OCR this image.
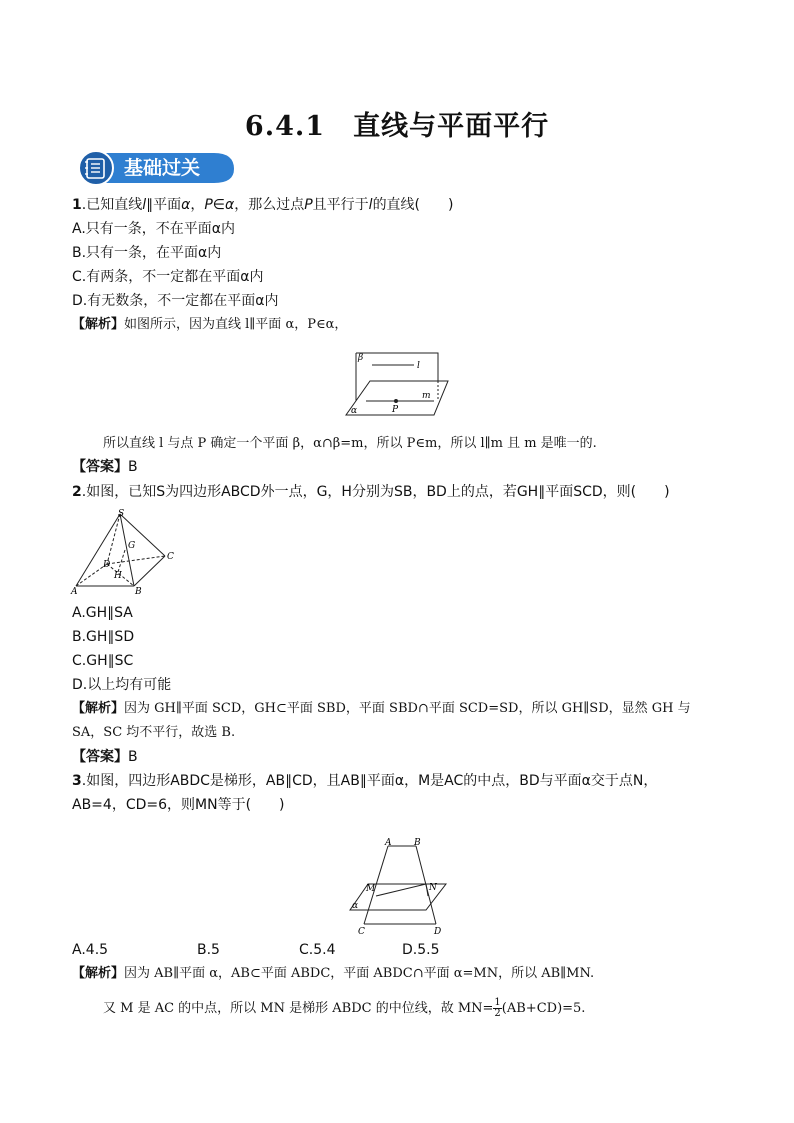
6.4.1　直线与平面平行
基础过关
1.已知直线l∥平面α，P∈α，那么过点P且平行于l的直线(　　)
A.只有一条，不在平面α内
B.只有一条，在平面α内
C.有两条，不一定都在平面α内
D.有无数条，不一定都在平面α内
【解析】如图所示，因为直线 l∥平面 α，P∈α，
β
l
m
P
α
所以直线 l 与点 P 确定一个平面 β，α∩β=m，所以 P∈m，所以 l∥m 且 m 是唯一的.
【答案】B
2.如图，已知S为四边形ABCD外一点，G，H分别为SB，BD上的点，若GH∥平面SCD，则(　　)
S
G
C
D
H
A	B
A.GH∥SA
B.GH∥SD
C.GH∥SC
D.以上均有可能
【解析】因为 GH∥平面 SCD，GH⊂平面 SBD，平面 SBD∩平面 SCD=SD，所以 GH∥SD，显然 GH 与
SA，SC 均不平行，故选 B.
【答案】B
3.如图，四边形ABDC是梯形，AB∥CD，且AB∥平面α，M是AC的中点，BD与平面α交于点N，
AB=4，CD=6，则MN等于(　　)
A	B
M	N
α
C	D
A.4.5	B.5	C.5.4	D.5.5
【解析】因为 AB∥平面 α，AB⊂平面 ABDC，平面 ABDC∩平面 α=MN，所以 AB∥MN.
又 M 是 AC 的中点，所以 MN 是梯形 ABDC 的中位线，故 $MN= \frac{1}{2} (AB+CD)=5$.
